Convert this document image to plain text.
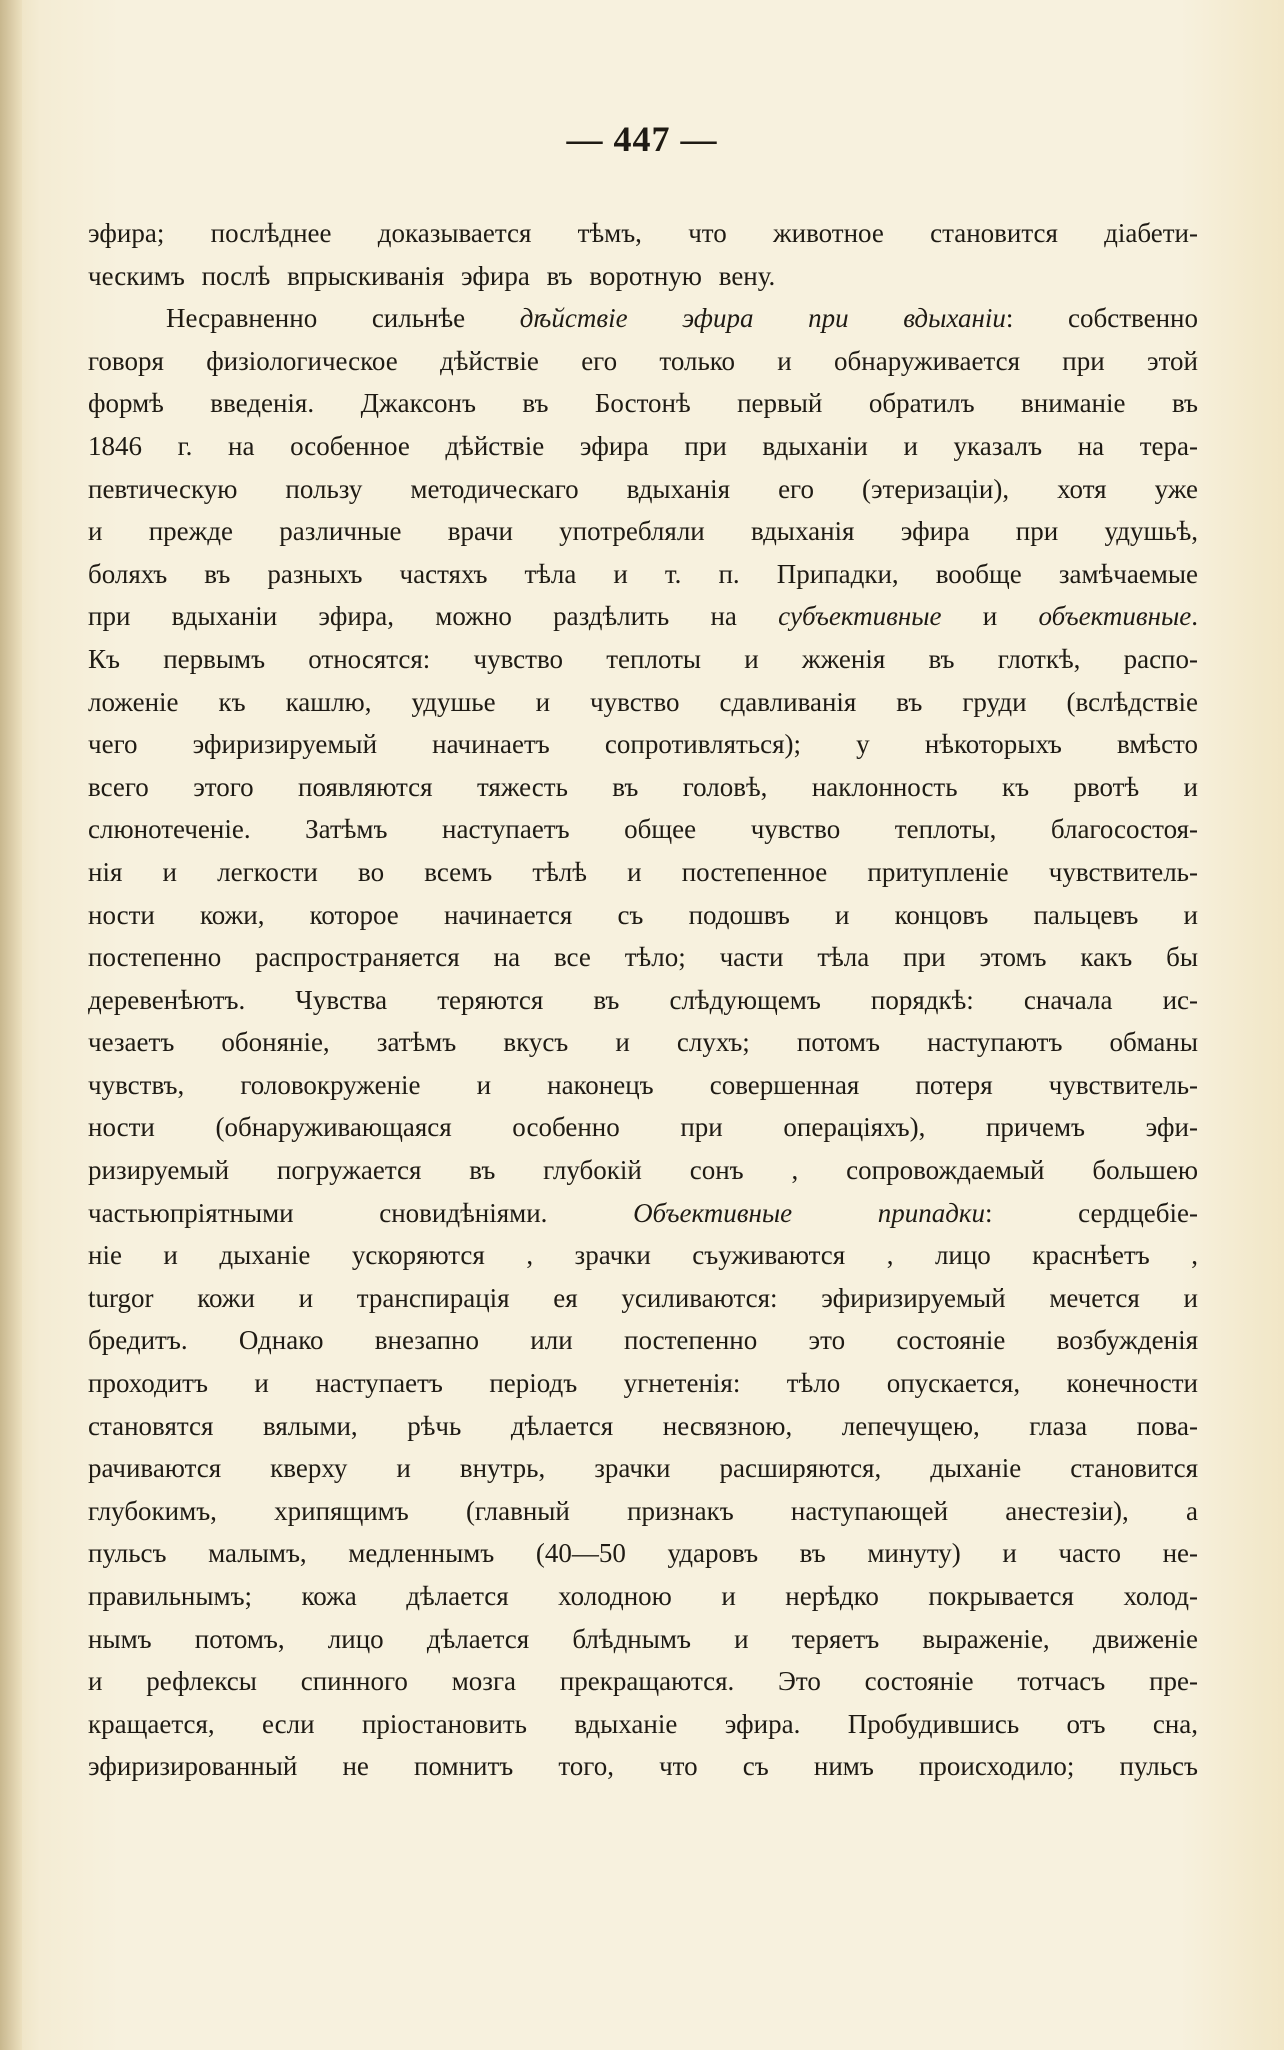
— 447 —
эфира; послѣднее доказывается тѣмъ, что животное становится діабети-
ческимъ послѣ впрыскиванія эфира въ воротную вену.
Несравненно сильнѣе дѣйствіе эфира при вдыханіи: собственно
говоря физіологическое дѣйствіе его только и обнаруживается при этой
формѣ введенія. Джаксонъ въ Бостонѣ первый обратилъ вниманіе въ
1846 г. на особенное дѣйствіе эфира при вдыханіи и указалъ на тера-
певтическую пользу методическаго вдыханія его (этеризаціи), хотя уже
и прежде различные врачи употребляли вдыханія эфира при удушьѣ,
боляхъ въ разныхъ частяхъ тѣла и т. п. Припадки, вообще замѣчаемые
при вдыханіи эфира, можно раздѣлить на субъективные и объективные.
Къ первымъ относятся: чувство теплоты и жженія въ глоткѣ, распо-
ложеніе къ кашлю, удушье и чувство сдавливанія въ груди (вслѣдствіе
чего эфиризируемый начинаетъ сопротивляться); у нѣкоторыхъ вмѣсто
всего этого появляются тяжесть въ головѣ, наклонность къ рвотѣ и
слюнотеченіе. Затѣмъ наступаетъ общее чувство теплоты, благосостоя-
нія и легкости во всемъ тѣлѣ и постепенное притупленіе чувствитель-
ности кожи, которое начинается съ подошвъ и концовъ пальцевъ и
постепенно распространяется на все тѣло; части тѣла при этомъ какъ бы
деревенѣютъ. Чувства теряются въ слѣдующемъ порядкѣ: сначала ис-
чезаетъ обоняніе, затѣмъ вкусъ и слухъ; потомъ наступаютъ обманы
чувствъ, головокруженіе и наконецъ совершенная потеря чувствитель-
ности (обнаруживающаяся особенно при операціяхъ), причемъ эфи-
ризируемый погружается въ глубокій сонъ , сопровождаемый большею
частьюпріятными сновидѣніями. Объективные припадки: сердцебіе-
ніе и дыханіе ускоряются , зрачки съуживаются , лицо краснѣетъ ,
turgor кожи и транспирація ея усиливаются: эфиризируемый мечется и
бредитъ. Однако внезапно или постепенно это состояніе возбужденія
проходитъ и наступаетъ періодъ угнетенія: тѣло опускается, конечности
становятся вялыми, рѣчь дѣлается несвязною, лепечущею, глаза пова-
рачиваются кверху и внутрь, зрачки расширяются, дыханіе становится
глубокимъ, хрипящимъ (главный признакъ наступающей анестезіи), а
пульсъ малымъ, медленнымъ (40—50 ударовъ въ минуту) и часто не-
правильнымъ; кожа дѣлается холодною и нерѣдко покрывается холод-
нымъ потомъ, лицо дѣлается блѣднымъ и теряетъ выраженіе, движеніе
и рефлексы спинного мозга прекращаются. Это состояніе тотчасъ пре-
кращается, если пріостановить вдыханіе эфира. Пробудившись отъ сна,
эфиризированный не помнитъ того, что съ нимъ происходило; пульсъ
